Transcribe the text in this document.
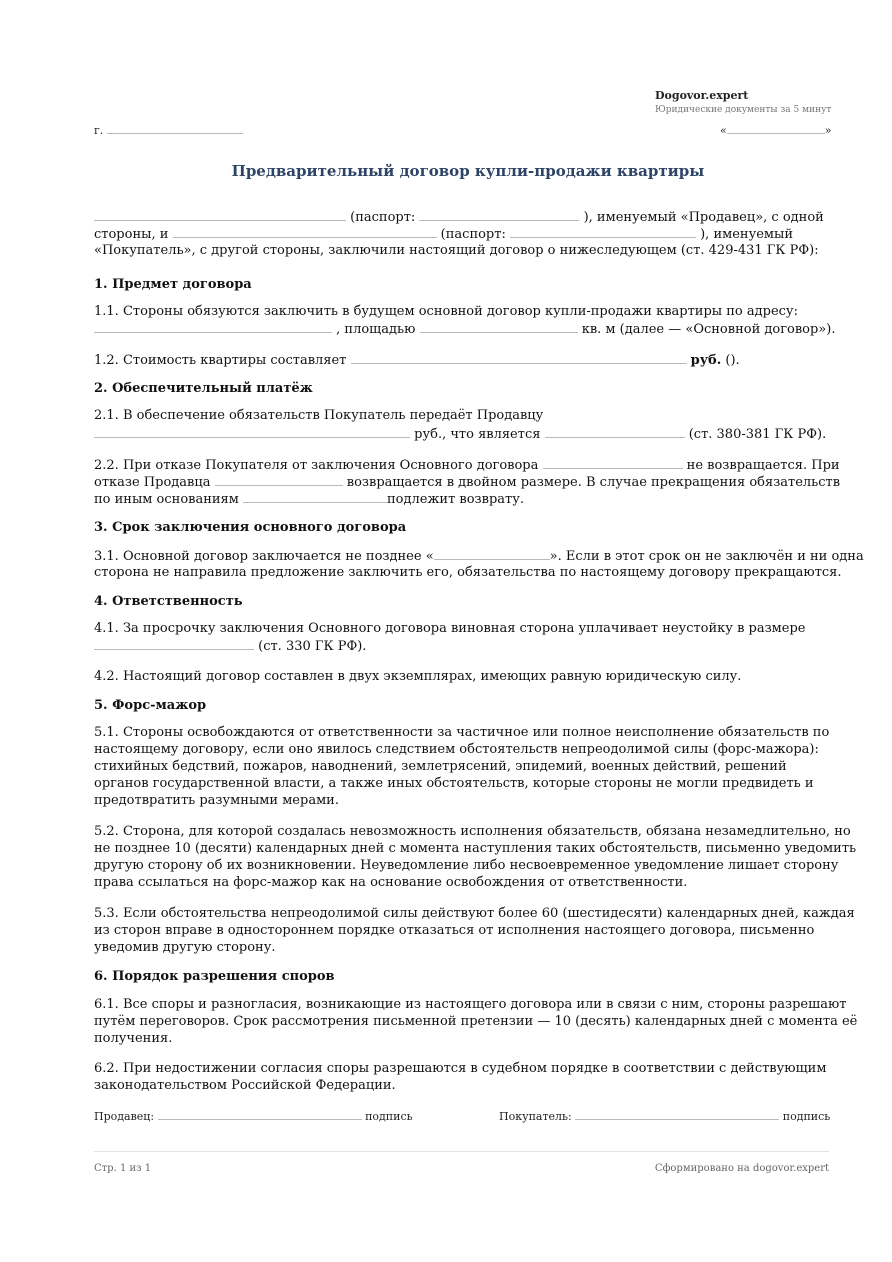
Dogovor.expert
Юридические документы за 5 минут
г.	«	»
Предварительный договор купли-продажи квартиры
(паспорт:	), именуемый «Продавец», с одной
стороны, и	(паспорт:	), именуемый
«Покупатель», с другой стороны, заключили настоящий договор о нижеследующем (ст. 429-431 ГК РФ):
1. Предмет договора
1.1. Стороны обязуются заключить в будущем основной договор купли-продажи квартиры по адресу:
, площадью	кв. м (далее — «Основной договор»).
1.2. Стоимость квартиры составляет	руб. ().
2. Обеспечительный платёж
2.1. В обеспечение обязательств Покупатель передаёт Продавцу
руб., что является	(ст. 380-381 ГК РФ).
2.2. При отказе Покупателя от заключения Основного договора	не возвращается. При
отказе Продавца	возвращается в двойном размере. В случае прекращения обязательств
по иным основаниям	подлежит возврату.
3. Срок заключения основного договора
3.1. Основной договор заключается не позднее «	». Если в этот срок он не заключён и ни одна
сторона не направила предложение заключить его, обязательства по настоящему договору прекращаются.
4. Ответственность
4.1. За просрочку заключения Основного договора виновная сторона уплачивает неустойку в размере
(ст. 330 ГК РФ).
4.2. Настоящий договор составлен в двух экземплярах, имеющих равную юридическую силу.
5. Форс-мажор
5.1. Стороны освобождаются от ответственности за частичное или полное неисполнение обязательств по
настоящему договору, если оно явилось следствием обстоятельств непреодолимой силы (форс-мажора):
стихийных бедствий, пожаров, наводнений, землетрясений, эпидемий, военных действий, решений
органов государственной власти, а также иных обстоятельств, которые стороны не могли предвидеть и
предотвратить разумными мерами.
5.2. Сторона, для которой создалась невозможность исполнения обязательств, обязана незамедлительно, но
не позднее 10 (десяти) календарных дней с момента наступления таких обстоятельств, письменно уведомить
другую сторону об их возникновении. Неуведомление либо несвоевременное уведомление лишает сторону
права ссылаться на форс-мажор как на основание освобождения от ответственности.
5.3. Если обстоятельства непреодолимой силы действуют более 60 (шестидесяти) календарных дней, каждая
из сторон вправе в одностороннем порядке отказаться от исполнения настоящего договора, письменно
уведомив другую сторону.
6. Порядок разрешения споров
6.1. Все споры и разногласия, возникающие из настоящего договора или в связи с ним, стороны разрешают
путём переговоров. Срок рассмотрения письменной претензии — 10 (десять) календарных дней с момента её
получения.
6.2. При недостижении согласия споры разрешаются в судебном порядке в соответствии с действующим
законодательством Российской Федерации.
Продавец:	подпись	Покупатель:	подпись
Стр. 1 из 1	Сформировано на dogovor.expert
